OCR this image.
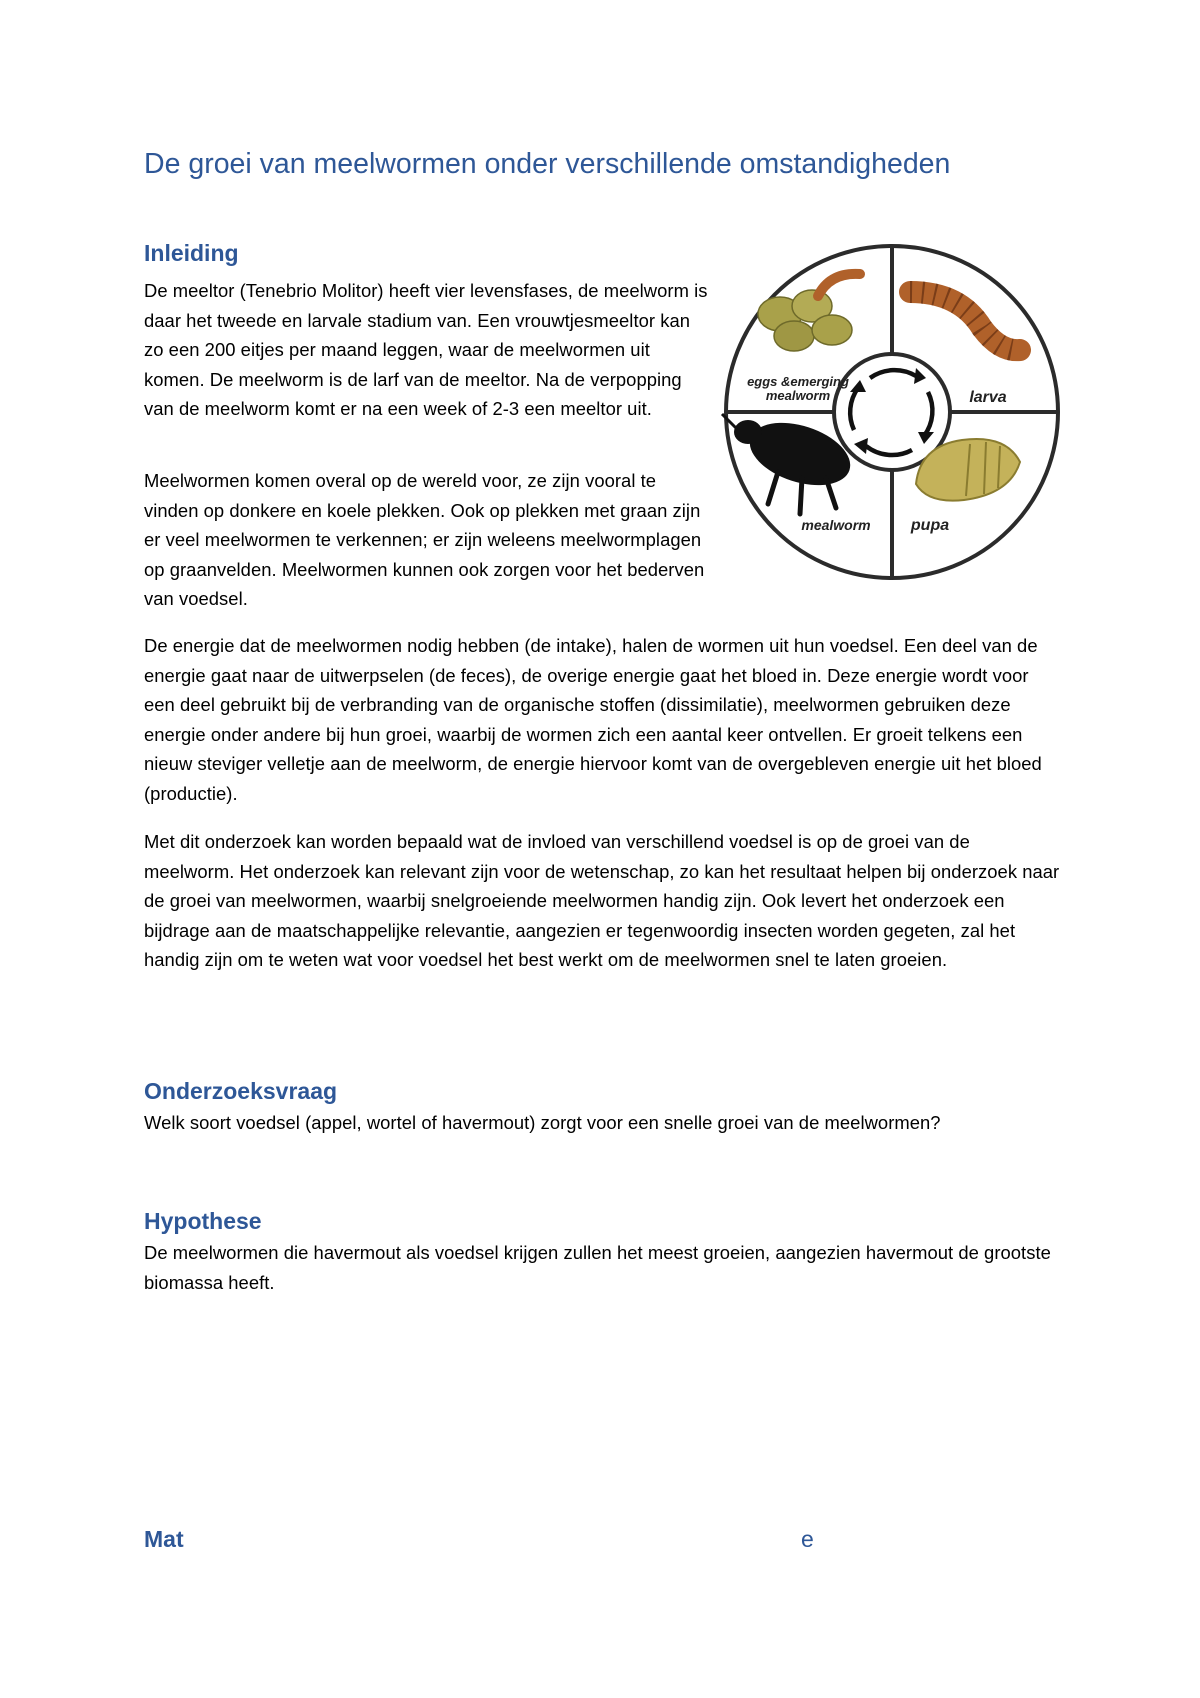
De groei van meelwormen onder verschillende omstandigheden
Inleiding

De meeltor (Tenebrio Molitor) heeft vier levensfases, de meelworm is daar het tweede en larvale stadium van. Een vrouwtjesmeeltor kan zo een 200 eitjes per maand leggen, waar de meelwormen uit komen. De meelworm is de larf van de meeltor. Na de verpopping van de meelworm komt er na een week of 2-3 een meeltor uit.

Meelwormen komen overal op de wereld voor, ze zijn vooral te vinden op donkere en koele plekken. Ook op plekken met graan zijn er veel meelwormen te verkennen; er zijn weleens meelwormplagen op graanvelden. Meelwormen kunnen ook zorgen voor het bederven van voedsel.

De energie dat de meelwormen nodig hebben (de intake), halen de wormen uit hun voedsel. Een deel van de energie gaat naar de uitwerpselen (de feces), de overige energie gaat het bloed in. Deze energie wordt voor een deel gebruikt bij de verbranding van de organische stoffen (dissimilatie), meelwormen gebruiken deze energie onder andere bij hun groei, waarbij de wormen zich een aantal keer ontvellen. Er groeit telkens een nieuw steviger velletje aan de meelworm, de energie hiervoor komt van de overgebleven energie uit het bloed (productie).

Met dit onderzoek kan worden bepaald wat de invloed van verschillend voedsel is op de groei van de meelworm. Het onderzoek kan relevant zijn voor de wetenschap, zo kan het resultaat helpen bij onderzoek naar de groei van meelwormen, waarbij snelgroeiende meelwormen handig zijn. Ook levert het onderzoek een bijdrage aan de maatschappelijke relevantie, aangezien er tegenwoordig insecten worden gegeten, zal het handig zijn om te weten wat voor voedsel het best werkt om de meelwormen snel te laten groeien.

Onderzoeksvraag

Welk soort voedsel (appel, wortel of havermout) zorgt voor een snelle groei van de meelwormen?

Hypothese

De meelwormen die havermout als voedsel krijgen zullen het meest groeien, aangezien havermout de grootste biomassa heeft.

eggs &emerging
mealworm	larva
mealworm	pupa
Mat	e
